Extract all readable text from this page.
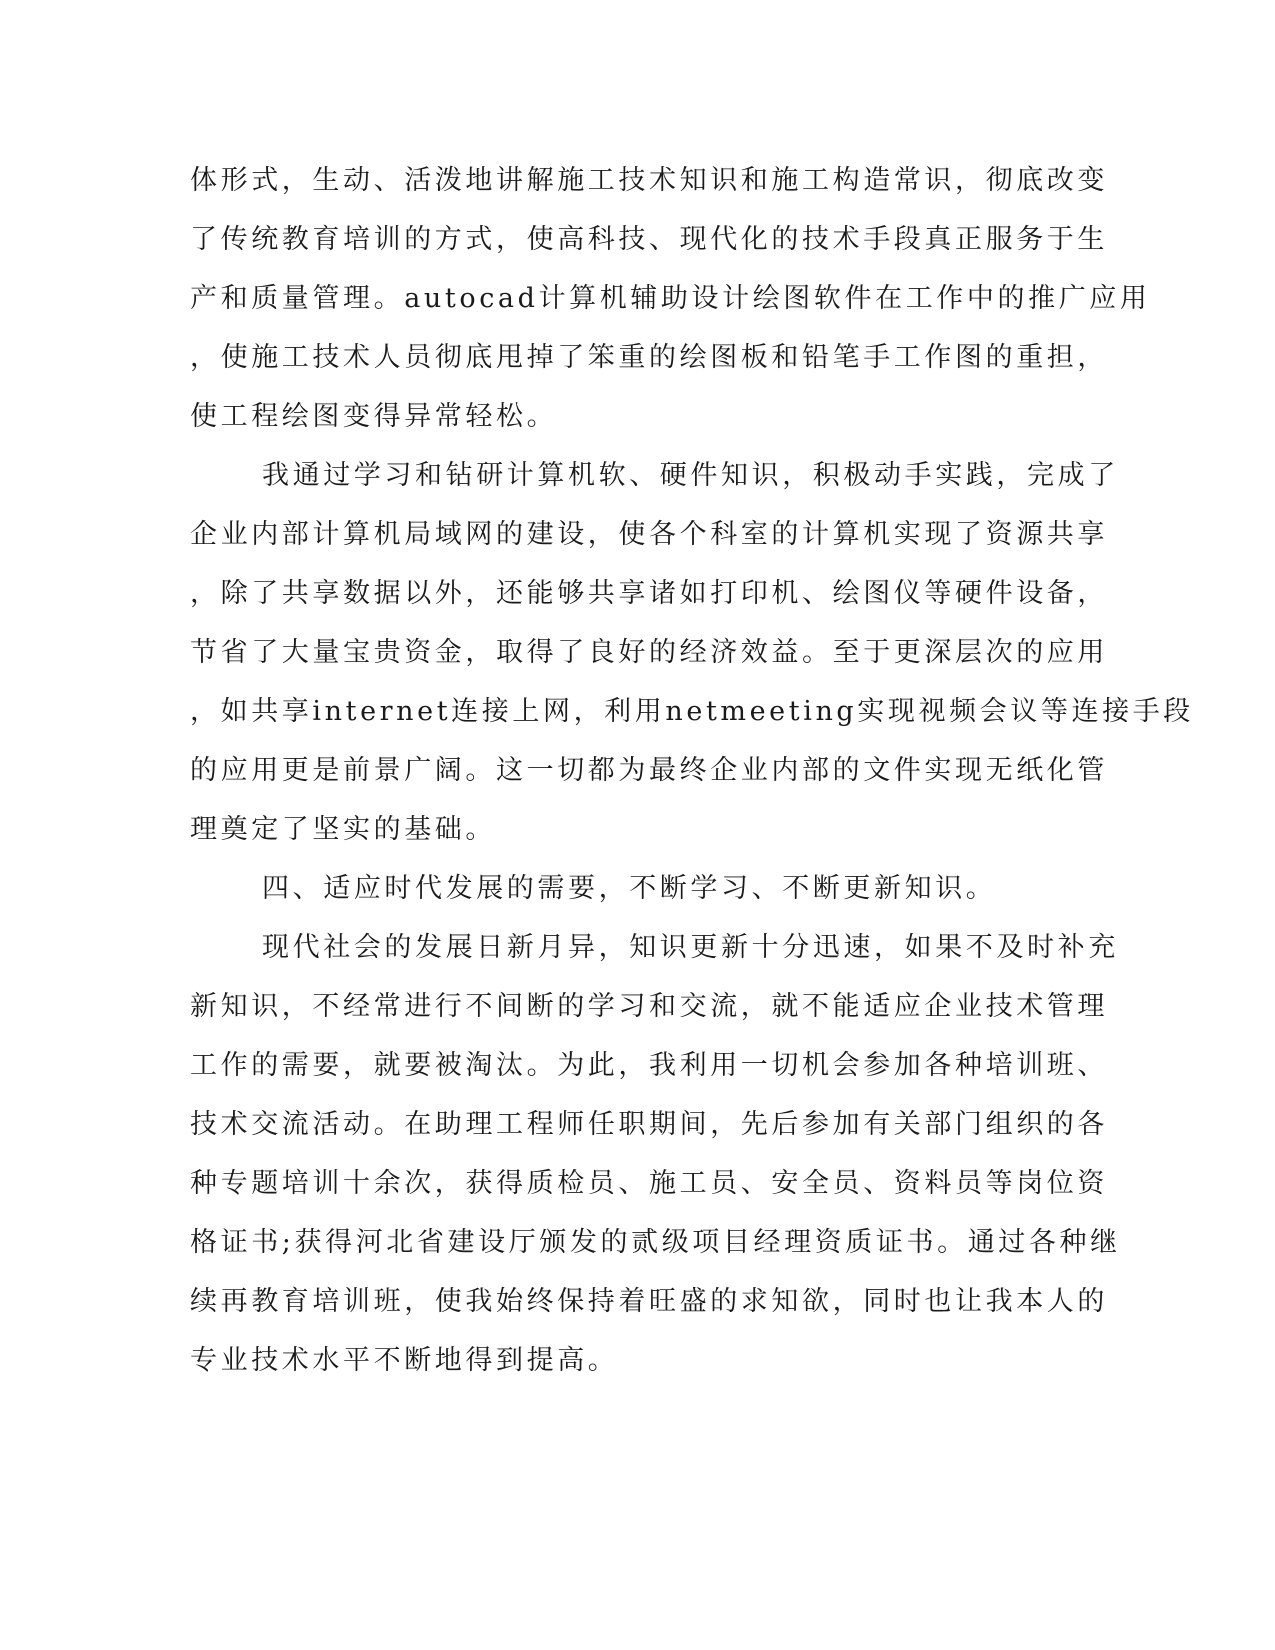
体形式，生动、活泼地讲解施工技术知识和施工构造常识，彻底改变
了传统教育培训的方式，使高科技、现代化的技术手段真正服务于生
产和质量管理。autocad计算机辅助设计绘图软件在工作中的推广应用
，使施工技术人员彻底甩掉了笨重的绘图板和铅笔手工作图的重担，
使工程绘图变得异常轻松。
我通过学习和钻研计算机软、硬件知识，积极动手实践，完成了
企业内部计算机局域网的建设，使各个科室的计算机实现了资源共享
，除了共享数据以外，还能够共享诸如打印机、绘图仪等硬件设备，
节省了大量宝贵资金，取得了良好的经济效益。至于更深层次的应用
，如共享internet连接上网，利用netmeeting实现视频会议等连接手段
的应用更是前景广阔。这一切都为最终企业内部的文件实现无纸化管
理奠定了坚实的基础。
四、适应时代发展的需要，不断学习、不断更新知识。
现代社会的发展日新月异，知识更新十分迅速，如果不及时补充
新知识，不经常进行不间断的学习和交流，就不能适应企业技术管理
工作的需要，就要被淘汰。为此，我利用一切机会参加各种培训班、
技术交流活动。在助理工程师任职期间，先后参加有关部门组织的各
种专题培训十余次，获得质检员、施工员、安全员、资料员等岗位资
格证书;获得河北省建设厅颁发的贰级项目经理资质证书。通过各种继
续再教育培训班，使我始终保持着旺盛的求知欲，同时也让我本人的
专业技术水平不断地得到提高。
